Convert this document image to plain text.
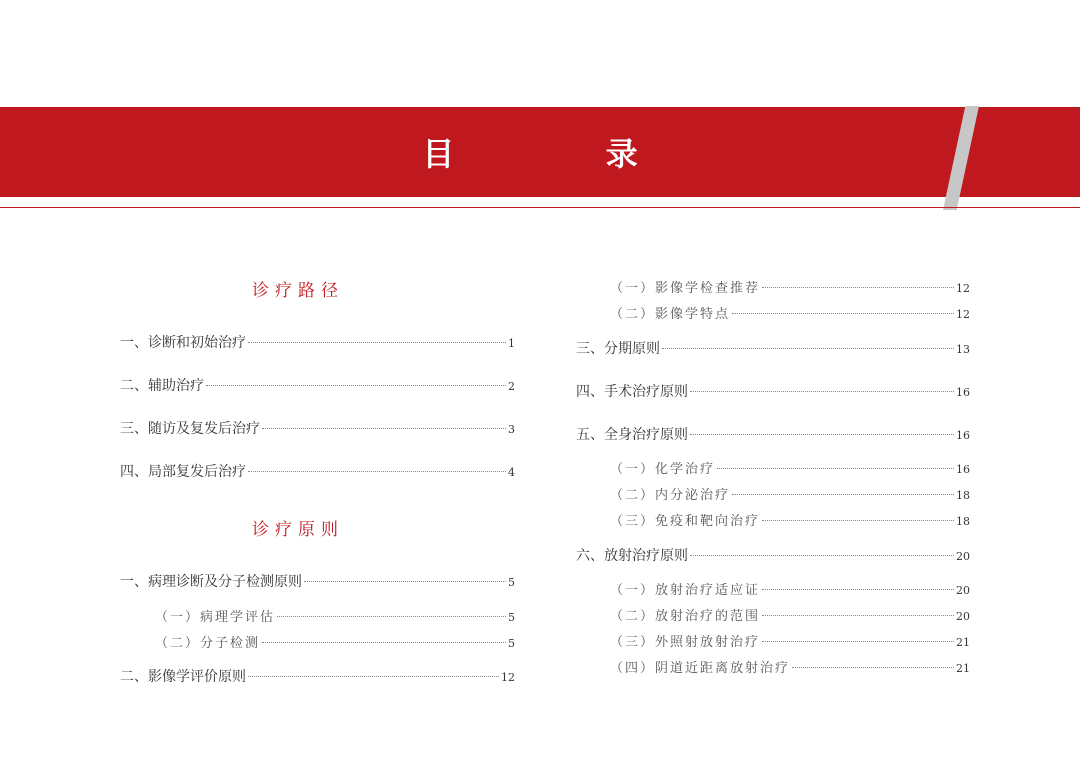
目 录
诊疗路径
一、诊断和初始治疗	1
二、辅助治疗	2
三、随访及复发后治疗	3
四、局部复发后治疗	4
诊疗原则
一、病理诊断及分子检测原则	5
（一）病理学评估	5
（二）分子检测	5
二、影像学评价原则	12
（一）影像学检查推荐	12
（二）影像学特点	12
三、分期原则	13
四、手术治疗原则	16
五、全身治疗原则	16
（一）化学治疗	16
（二）内分泌治疗	18
（三）免疫和靶向治疗	18
六、放射治疗原则	20
（一）放射治疗适应证	20
（二）放射治疗的范围	20
（三）外照射放射治疗	21
（四）阴道近距离放射治疗	21
